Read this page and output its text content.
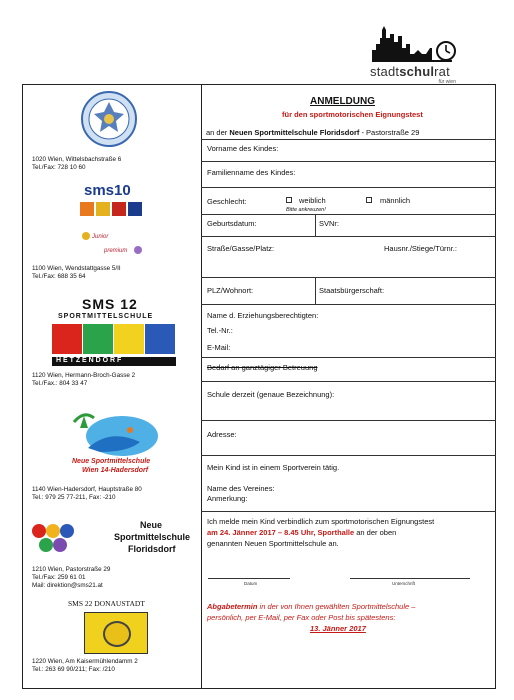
stadtschulrat
für wien
1020 Wien, Wittelsbachstraße 6
Tel./Fax: 728 10 60
sms10
Junior
premium
1100 Wien, Wendstattgasse 5/II
Tel./Fax: 688 35 64
SMS 12
SPORTMITTELSCHULE
H E T Z E N D O R F
1120 Wien, Hermann-Broch-Gasse 2
Tel./Fax.: 804 33 47
Neue Sportmittelschule
Wien 14-Hadersdorf
1140 Wien-Hadersdorf, Hauptstraße 80
Tel.: 979 25 77-211, Fax: -210
Neue
Sportmittelschule
Floridsdorf
1210 Wien, Pastorstraße 29
Tel./Fax: 259 61 01
Mail: direktion@sms21.at
SMS 22 DONAUSTADT
1220 Wien, Am Kaisermühlendamm 2
Tel.: 263 69 90/211; Fax: /210
ANMELDUNG
für den sportmotorischen Eignungstest
an der Neuen Sportmittelschule Floridsdorf - Pastorstraße 29
Vorname des Kindes:
Familienname des Kindes:
Geschlecht:	weiblich	männlich
Bitte ankreuzen!
Geburtsdatum:	SVNr:
Straße/Gasse/Platz:	Hausnr./Stiege/Türnr.:
PLZ/Wohnort:	Staatsbürgerschaft:
Name d. Erziehungsberechtigten:
Tel.-Nr.:
E-Mail:
Bedarf an ganztägiger Betreuung
Schule derzeit (genaue Bezeichnung):
Adresse:
Mein Kind ist in einem Sportverein tätig.
Name des Vereines:
Anmerkung:
Ich melde mein Kind verbindlich zum sportmotorischen Eignungstest
am 24. Jänner 2017 – 8.45 Uhr, Sporthalle an der oben
genannten Neuen Sportmittelschule an.
Datum	Unterschrift
Abgabetermin in der von Ihnen gewählten Sportmittelschule –
persönlich, per E-Mail, per Fax oder Post bis spätestens:
13. Jänner 2017
